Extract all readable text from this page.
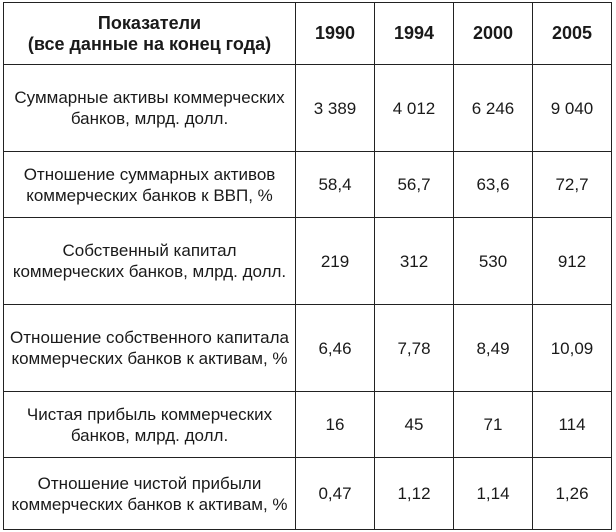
Показатели
(все данные на конец года)	1990	1994	2000	2005
Суммарные активы коммерческих банков, млрд. долл.	3 389	4 012	6 246	9 040
Отношение суммарных активов коммерческих банков к ВВП, %	58,4	56,7	63,6	72,7
Собственный капитал коммерческих банков, млрд. долл.	219	312	530	912
Отношение собственного капитала коммерческих банков к активам, %	6,46	7,78	8,49	10,09
Чистая прибыль коммерческих банков, млрд. долл.	16	45	71	114
Отношение чистой прибыли коммерческих банков к активам, %	0,47	1,12	1,14	1,26
